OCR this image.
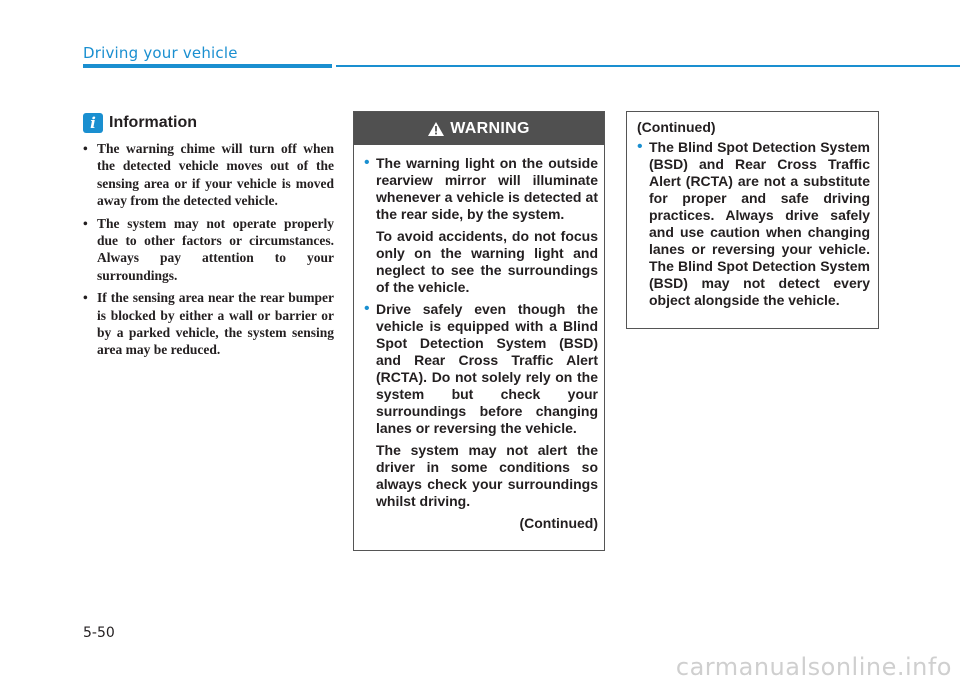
Driving your vehicle
i Information
• The warning chime will turn off when the detected vehicle moves out of the sensing area or if your vehicle is moved away from the detected vehicle.
• The system may not operate properly due to other factors or circumstances. Always pay attention to your surroundings.
• If the sensing area near the rear bumper is blocked by either a wall or barrier or by a parked vehicle, the system sensing area may be reduced.
WARNING

• The warning light on the outside rearview mirror will illuminate whenever a vehicle is detected at the rear side, by the system.

To avoid accidents, do not focus only on the warning light and neglect to see the surroundings of the vehicle.

• Drive safely even though the vehicle is equipped with a Blind Spot Detection System (BSD) and Rear Cross Traffic Alert (RCTA). Do not solely rely on the system but check your surroundings before changing lanes or reversing the vehicle.

The system may not alert the driver in some conditions so always check your surroundings whilst driving.

(Continued)
(Continued)

• The Blind Spot Detection System (BSD) and Rear Cross Traffic Alert (RCTA) are not a substitute for proper and safe driving practices. Always drive safely and use caution when changing lanes or reversing your vehicle. The Blind Spot Detection System (BSD) may not detect every object alongside the vehicle.

5-50
carmanualsonline.info
